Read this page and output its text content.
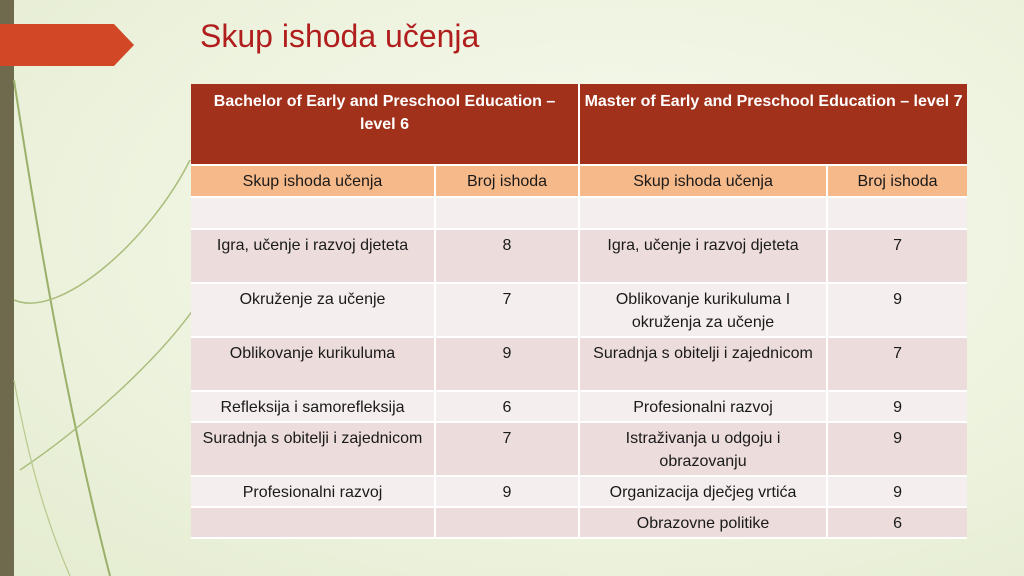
Skup ishoda učenja
Bachelor of Early and Preschool Education – level 6		Master of Early and Preschool Education – level 7	
Skup ishoda učenja	Broj ishoda	Skup ishoda učenja	Broj ishoda

Igra, učenje i razvoj djeteta	8	Igra, učenje i razvoj djeteta	7
Okruženje za učenje	7	Oblikovanje kurikuluma I okruženja za učenje	9
Oblikovanje kurikuluma	9	Suradnja s obitelji i zajednicom	7
Refleksija i samorefleksija	6	Profesionalni razvoj	9
Suradnja s obitelji i zajednicom	7	Istraživanja u odgoju i obrazovanju	9
Profesionalni razvoj	9	Organizacija dječjeg vrtića	9
		Obrazovne politike	6
